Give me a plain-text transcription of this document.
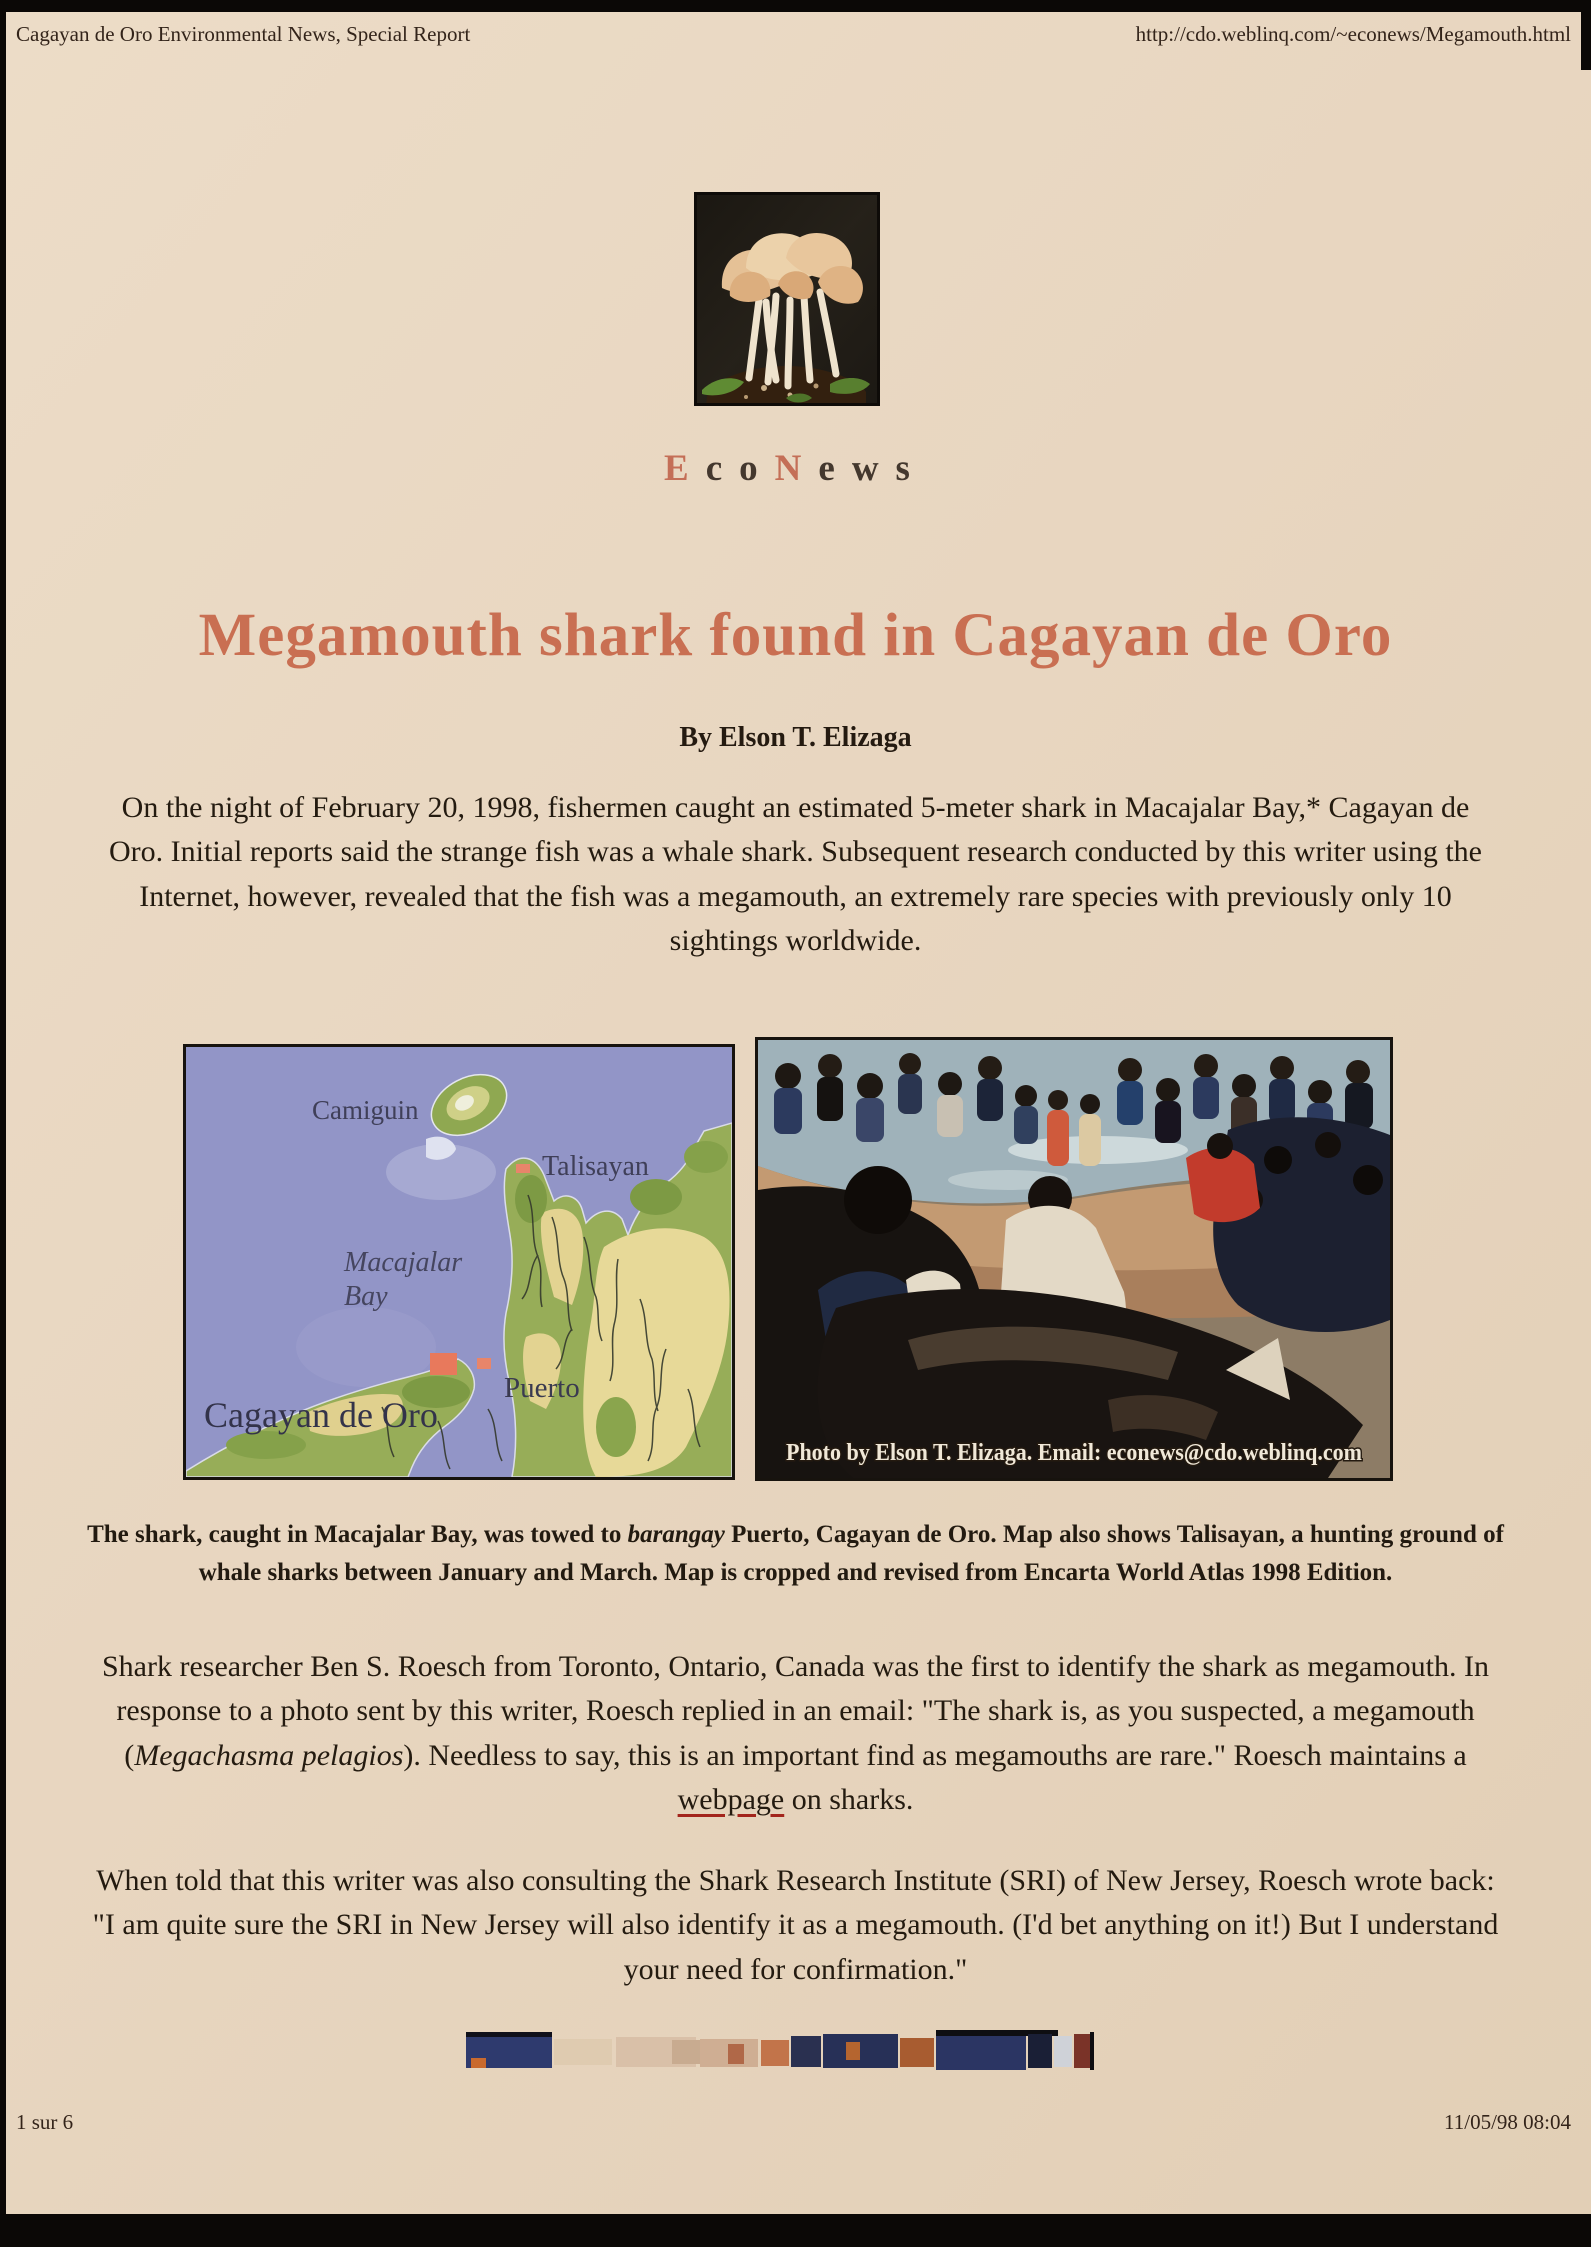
Cagayan de Oro Environmental News, Special Report	http://cdo.weblinq.com/~econews/Megamouth.html
EcoNews
Megamouth shark found in Cagayan de Oro
By Elson T. Elizaga

On the night of February 20, 1998, fishermen caught an estimated 5-meter shark in Macajalar Bay,* Cagayan de Oro. Initial reports said the strange fish was a whale shark. Subsequent research conducted by this writer using the Internet, however, revealed that the fish was a megamouth, an extremely rare species with previously only 10 sightings worldwide.

Camiguin
Talisayan
Macajalar
Bay
Cagayan de Oro
Puerto
Photo by Elson T. Elizaga. Email: econews@cdo.weblinq.com

The shark, caught in Macajalar Bay, was towed to barangay Puerto, Cagayan de Oro. Map also shows Talisayan, a hunting ground of whale sharks between January and March. Map is cropped and revised from Encarta World Atlas 1998 Edition.

Shark researcher Ben S. Roesch from Toronto, Ontario, Canada was the first to identify the shark as megamouth. In response to a photo sent by this writer, Roesch replied in an email: "The shark is, as you suspected, a megamouth (Megachasma pelagios). Needless to say, this is an important find as megamouths are rare." Roesch maintains a webpage on sharks.

When told that this writer was also consulting the Shark Research Institute (SRI) of New Jersey, Roesch wrote back: "I am quite sure the SRI in New Jersey will also identify it as a megamouth. (I'd bet anything on it!) But I understand your need for confirmation."

1 sur 6	11/05/98 08:04
